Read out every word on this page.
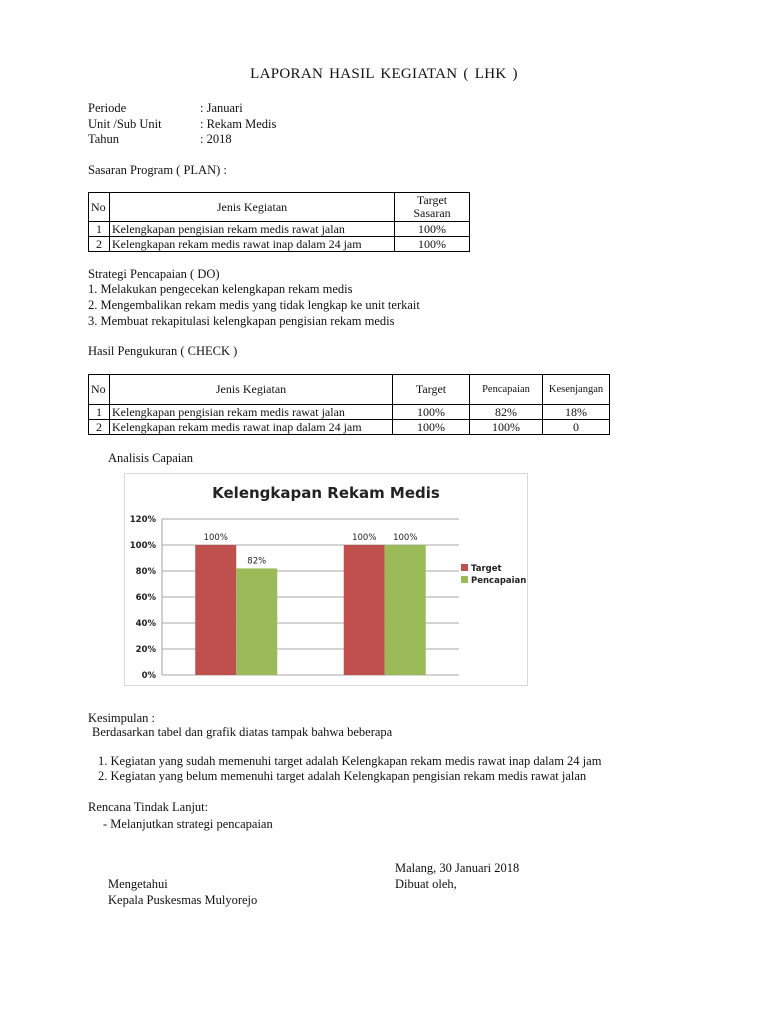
LAPORAN HASIL KEGIATAN ( LHK )
Periode	: Januari
Unit /Sub Unit	: Rekam Medis
Tahun	: 2018
Sasaran Program ( PLAN) :
No	Jenis Kegiatan	Target
Sasaran

1	Kelengkapan pengisian rekam medis rawat jalan	100%
2	Kelengkapan rekam medis rawat inap dalam 24 jam	100%
Strategi Pencapaian ( DO)
1. Melakukan pengecekan kelengkapan rekam medis
2. Mengembalikan rekam medis yang tidak lengkap ke unit terkait
3. Membuat rekapitulasi kelengkapan pengisian rekam medis
Hasil Pengukuran ( CHECK )
No	Jenis Kegiatan	Target	Pencapaian	Kesenjangan
1	Kelengkapan pengisian rekam medis rawat jalan	100%	82%	18%
2	Kelengkapan rekam medis rawat inap dalam 24 jam	100%	100%	0
Analisis Capaian
Kelengkapan Rekam Medis
0%
20%
40%
60%
80%
100%
120%
100%	100%
82%
100%
Target
Pencapaian
Kesimpulan :
Berdasarkan tabel dan grafik diatas tampak bahwa beberapa
1. Kegiatan yang sudah memenuhi target adalah Kelengkapan rekam medis rawat inap dalam 24 jam
2. Kegiatan yang belum memenuhi target adalah Kelengkapan pengisian rekam medis rawat jalan
Rencana Tindak Lanjut:
- Melanjutkan strategi pencapaian
Malang, 30 Januari 2018
Mengetahui	Dibuat oleh,
Kepala Puskesmas Mulyorejo
